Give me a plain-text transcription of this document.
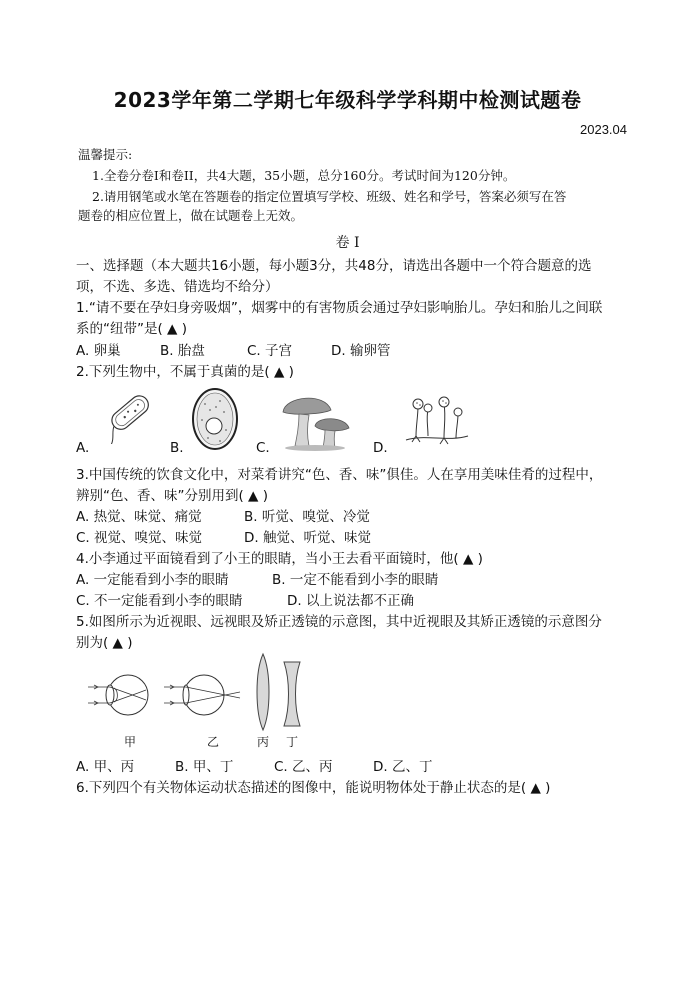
2023学年第二学期七年级科学学科期中检测试题卷
2023.04
温馨提示:
1.全卷分卷I和卷II，共4大题，35小题，总分160分。考试时间为120分钟。
2.请用钢笔或水笔在答题卷的指定位置填写学校、班级、姓名和学号，答案必须写在答
题卷的相应位置上，做在试题卷上无效。
卷 I
一、选择题（本大题共16小题，每小题3分，共48分，请选出各题中一个符合题意的选
项，不选、多选、错选均不给分）
1.“请不要在孕妇身旁吸烟”，烟雾中的有害物质会通过孕妇影响胎儿。孕妇和胎儿之间联
系的“纽带”是( ▲ )
A. 卵巢	B. 胎盘	C. 子宫	D. 输卵管
2.下列生物中，不属于真菌的是( ▲ )
A.	B.	C.	D.
3.中国传统的饮食文化中，对菜肴讲究“色、香、味”俱佳。人在享用美味佳肴的过程中，
辨别“色、香、味”分别用到( ▲ )
A. 热觉、味觉、痛觉	B. 听觉、嗅觉、冷觉
C. 视觉、嗅觉、味觉	D. 触觉、听觉、味觉
4.小李通过平面镜看到了小王的眼睛，当小王去看平面镜时，他( ▲ )
A. 一定能看到小李的眼睛	B. 一定不能看到小李的眼睛
C. 不一定能看到小李的眼睛	D. 以上说法都不正确
5.如图所示为近视眼、远视眼及矫正透镜的示意图，其中近视眼及其矫正透镜的示意图分
别为( ▲ )
甲	乙	丙 丁
A. 甲、丙	B. 甲、丁	C. 乙、丙	D. 乙、丁
6.下列四个有关物体运动状态描述的图像中，能说明物体处于静止状态的是( ▲ )
